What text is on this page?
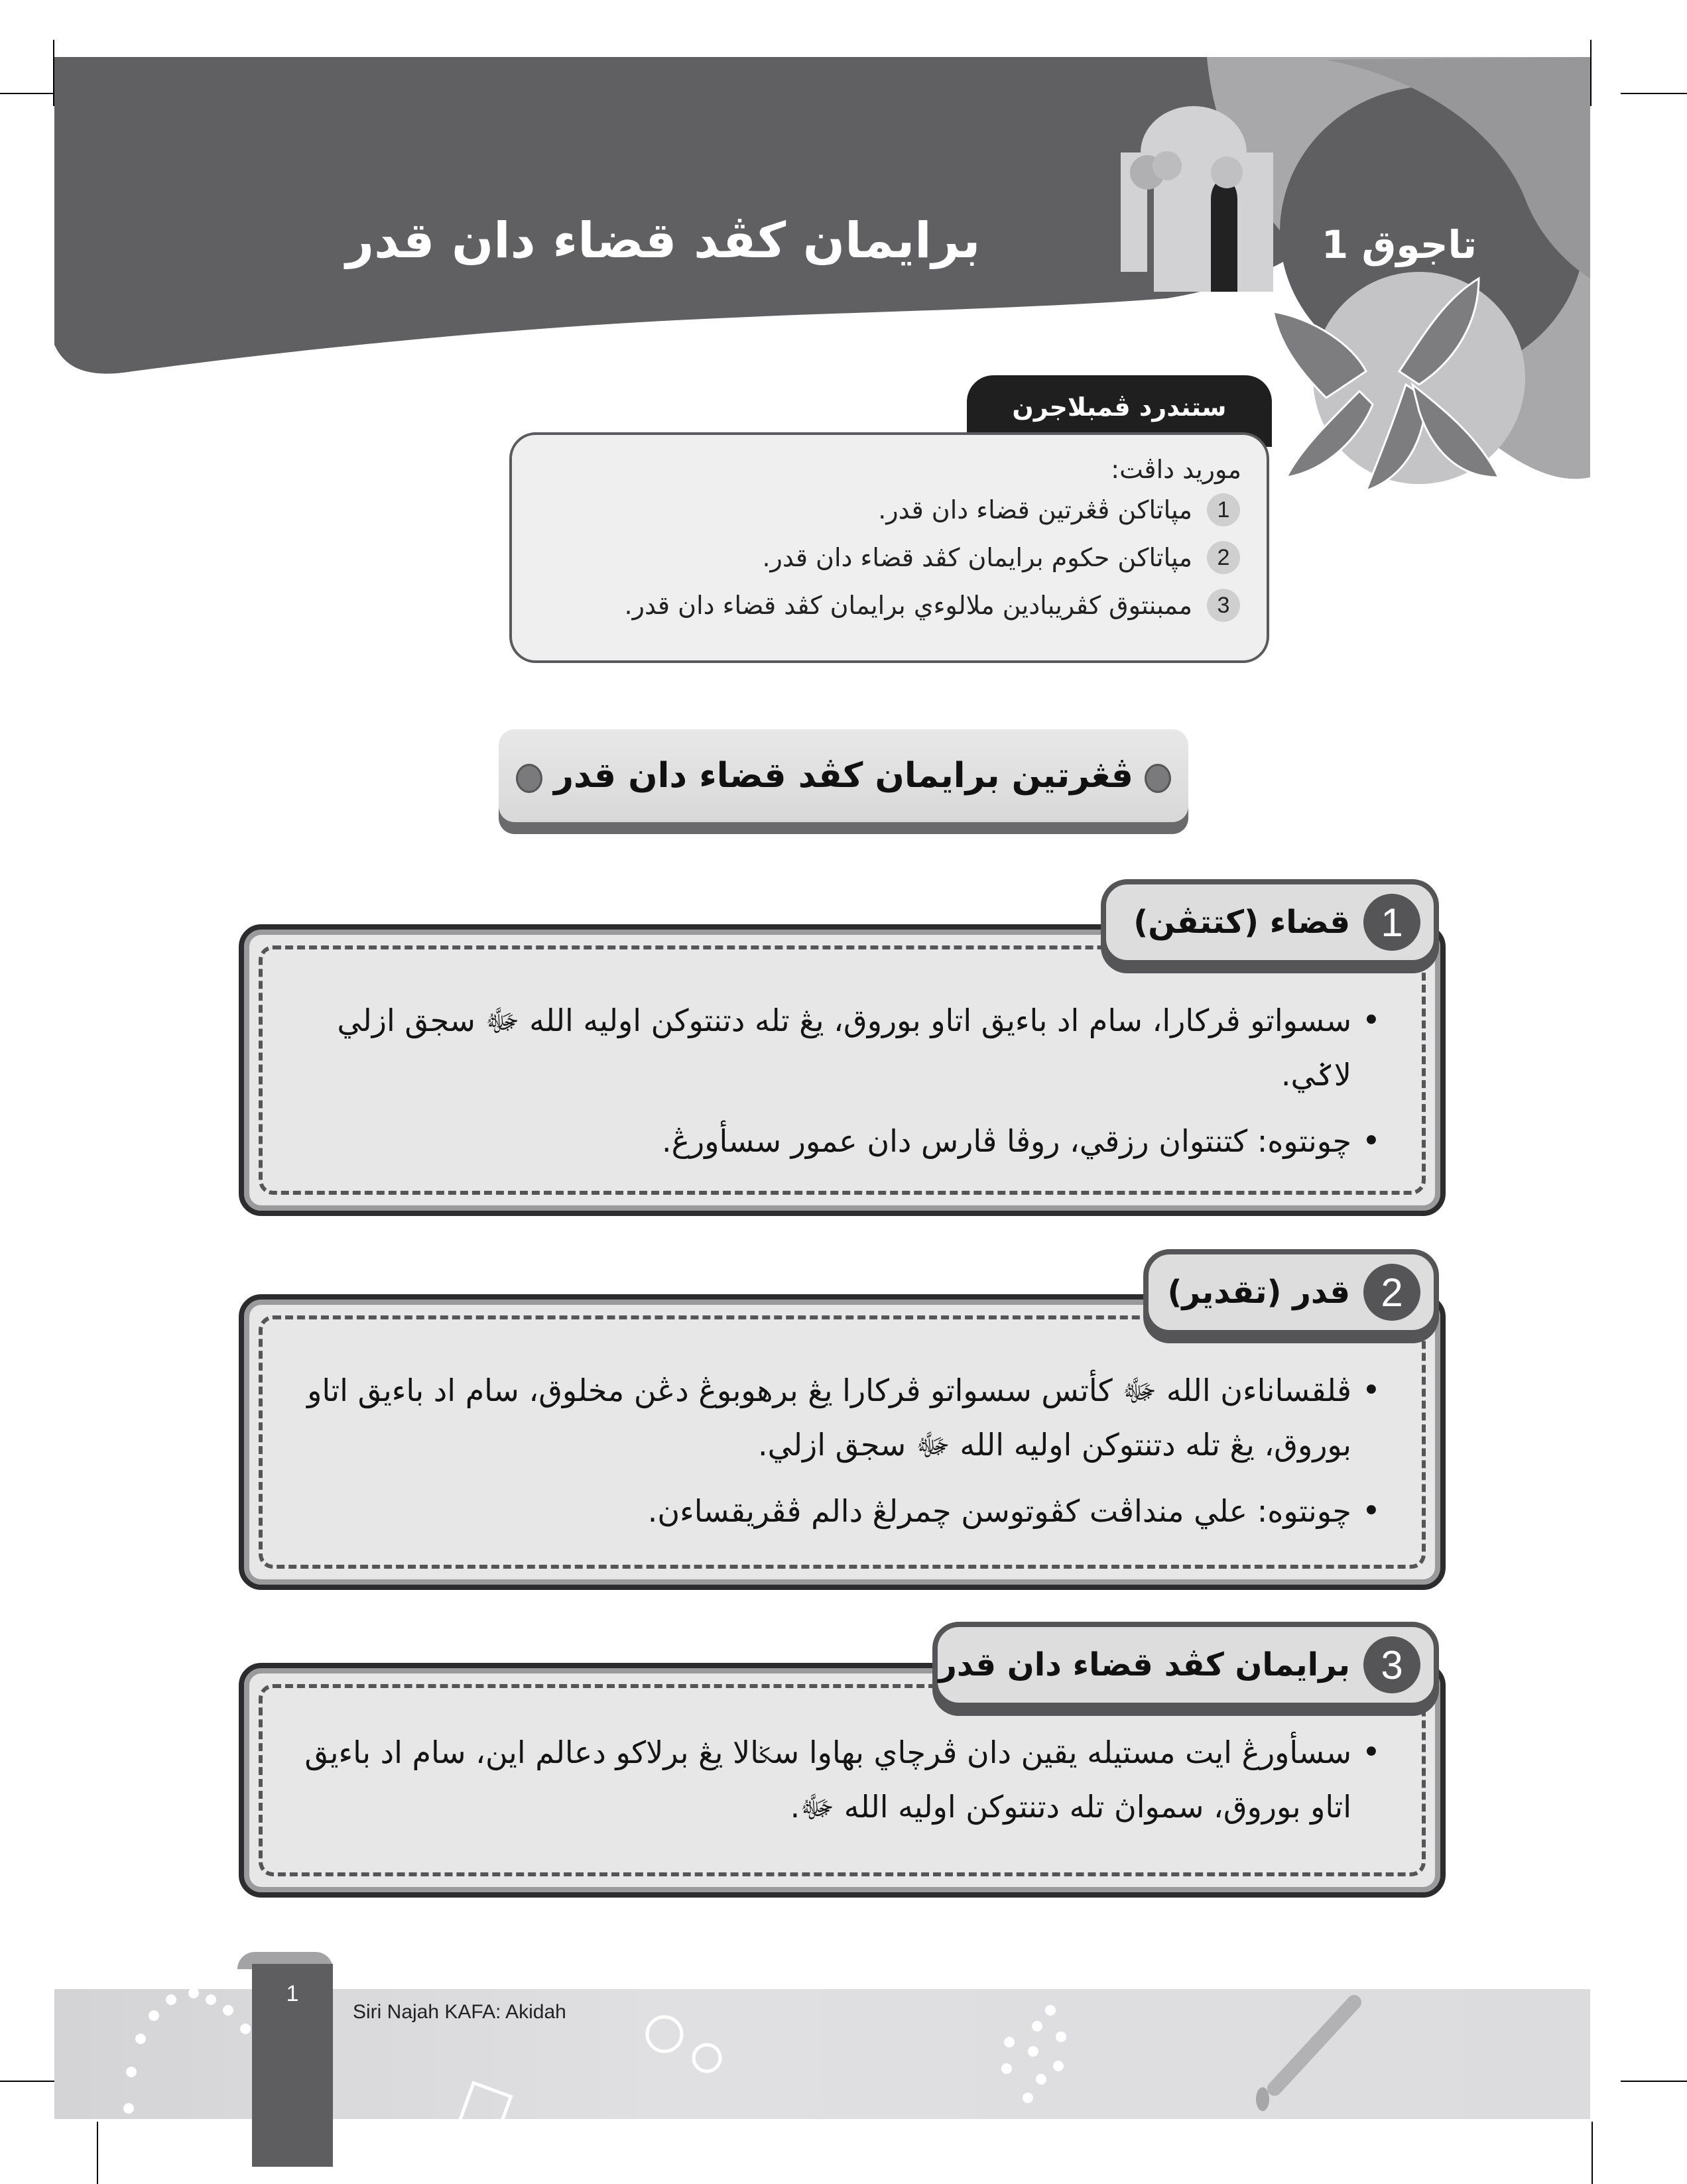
برايمان كڤد قضاء دان قدر	تاجوق 1
ستندرد ڤمبلاجرن
موريد داڤت:
1
مڽاتاكن ڤڠرتين قضاء دان قدر.
2
مڽاتاكن حكوم برايمان كڤد قضاء دان قدر.
3
ممبنتوق كڤريبادين ملالوءي برايمان كڤد قضاء دان قدر.
ڤڠرتين برايمان كڤد قضاء دان قدر
• سسواتو ڤركارا، سام اد باءيق اتاو بوروق، يڠ تله دتنتوكن اوليه الله ﷻ سجق ازلي لاݢي.
• چونتوه: كتنتوان رزقي، روڤا ڤارس دان عمور سسأورڠ.
1
قضاء (كتتڤن)
• ڤلقساناءن الله ﷻ كأتس سسواتو ڤركارا يڠ برهوبوڠ دڠن مخلوق، سام اد باءيق اتاو بوروق، يڠ تله دتنتوكن اوليه الله ﷻ سجق ازلي.
• چونتوه: علي منداڤت كڤوتوسن چمرلڠ دالم ڤڤريقساءن.
2
قدر (تقدير)
• سسأورڠ ايت مستيله يقين دان ڤرچاي بهاوا سݢالا يڠ برلاكو دعالم اين، سام اد باءيق اتاو بوروق، سمواڽ تله دتنتوكن اوليه الله ﷻ.
3
برايمان كڤد قضاء دان قدر
1
Siri Najah KAFA: Akidah
